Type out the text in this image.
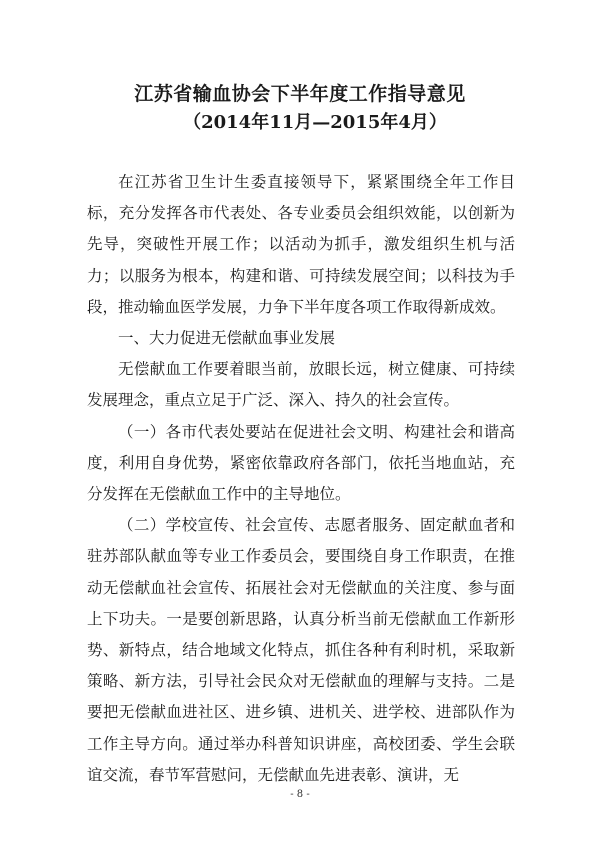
江苏省输血协会下半年度工作指导意见
（2014年11月—2015年4月）

在江苏省卫生计生委直接领导下，紧紧围绕全年工作目标，充分发挥各市代表处、各专业委员会组织效能，以创新为先导，突破性开展工作；以活动为抓手，激发组织生机与活力；以服务为根本，构建和谐、可持续发展空间；以科技为手段，推动输血医学发展，力争下半年度各项工作取得新成效。

一、大力促进无偿献血事业发展

无偿献血工作要着眼当前，放眼长远，树立健康、可持续发展理念，重点立足于广泛、深入、持久的社会宣传。

（一）各市代表处要站在促进社会文明、构建社会和谐高度，利用自身优势，紧密依靠政府各部门，依托当地血站，充分发挥在无偿献血工作中的主导地位。

（二）学校宣传、社会宣传、志愿者服务、固定献血者和驻苏部队献血等专业工作委员会，要围绕自身工作职责，在推动无偿献血社会宣传、拓展社会对无偿献血的关注度、参与面上下功夫。一是要创新思路，认真分析当前无偿献血工作新形势、新特点，结合地域文化特点，抓住各种有利时机，采取新策略、新方法，引导社会民众对无偿献血的理解与支持。二是要把无偿献血进社区、进乡镇、进机关、进学校、进部队作为工作主导方向。通过举办科普知识讲座，高校团委、学生会联谊交流，春节军营慰问，无偿献血先进表彰、演讲，无

- 8 -
